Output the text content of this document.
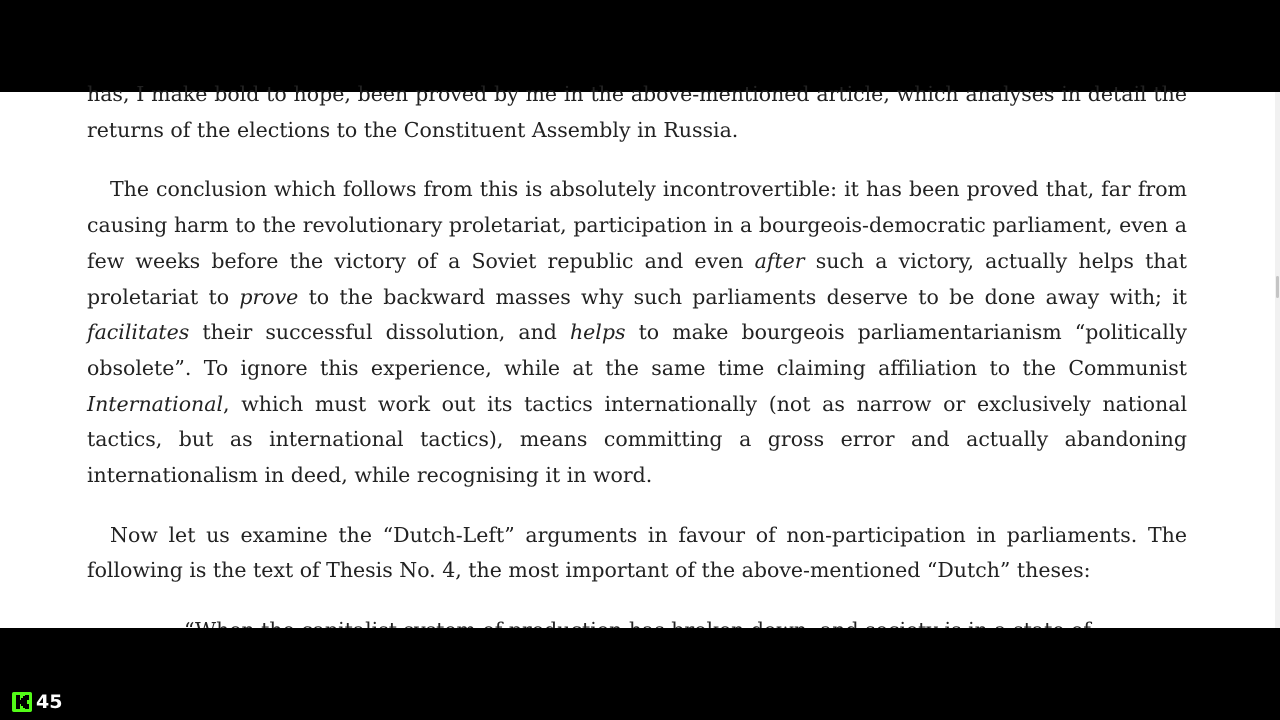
has, I make bold to hope, been proved by me in the above-mentioned article, which analyses in detail the returns of the elections to the Constituent Assembly in Russia.

The conclusion which follows from this is absolutely incontrovertible: it has been proved that, far from causing harm to the revolutionary proletariat, participation in a bourgeois-democratic parliament, even a few weeks before the victory of a Soviet republic and even after such a victory, actually helps that proletariat to prove to the backward masses why such parliaments deserve to be done away with; it facilitates their successful dissolution, and helps to make bourgeois parliamentarianism “politically obsolete”. To ignore this experience, while at the same time claiming affiliation to the Communist International, which must work out its tactics internationally (not as narrow or exclusively national tactics, but as international tactics), means committing a gross error and actually abandoning internationalism in deed, while recognising it in word.

Now let us examine the “Dutch-Left” arguments in favour of non-participation in parliaments. The following is the text of Thesis No. 4, the most important of the above-mentioned “Dutch” theses:

45
